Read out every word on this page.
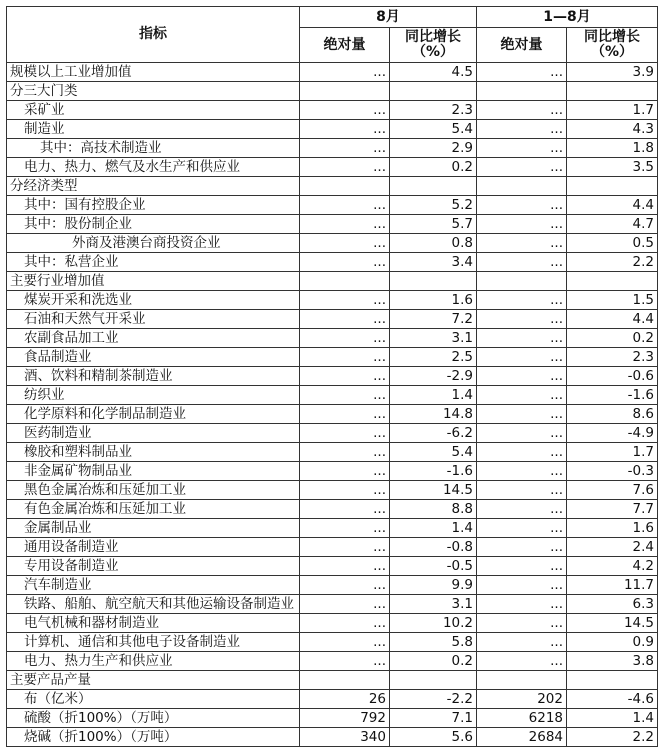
指标	8月		1—8月	
	绝对量	同比增长（%）	绝对量	同比增长（%）
规模以上工业增加值	...	4.5	...	3.9
分三大门类				
采矿业	...	2.3	...	1.7
制造业	...	5.4	...	4.3
其中：高技术制造业	...	2.9	...	1.8
电力、热力、燃气及水生产和供应业	...	0.2	...	3.5
分经济类型				
其中：国有控股企业	...	5.2	...	4.4
其中：股份制企业	...	5.7	...	4.7
外商及港澳台商投资企业	...	0.8	...	0.5
其中：私营企业	...	3.4	...	2.2
主要行业增加值				
煤炭开采和洗选业	...	1.6	...	1.5
石油和天然气开采业	...	7.2	...	4.4
农副食品加工业	...	3.1	...	0.2
食品制造业	...	2.5	...	2.3
酒、饮料和精制茶制造业	...	-2.9	...	-0.6
纺织业	...	1.4	...	-1.6
化学原料和化学制品制造业	...	14.8	...	8.6
医药制造业	...	-6.2	...	-4.9
橡胶和塑料制品业	...	5.4	...	1.7
非金属矿物制品业	...	-1.6	...	-0.3
黑色金属冶炼和压延加工业	...	14.5	...	7.6
有色金属冶炼和压延加工业	...	8.8	...	7.7
金属制品业	...	1.4	...	1.6
通用设备制造业	...	-0.8	...	2.4
专用设备制造业	...	-0.5	...	4.2
汽车制造业	...	9.9	...	11.7
铁路、船舶、航空航天和其他运输设备制造业	...	3.1	...	6.3
电气机械和器材制造业	...	10.2	...	14.5
计算机、通信和其他电子设备制造业	...	5.8	...	0.9
电力、热力生产和供应业	...	0.2	...	3.8
主要产品产量				
布（亿米）	26	-2.2	202	-4.6
硫酸（折100%）（万吨）	792	7.1	6218	1.4
烧碱（折100%）（万吨）	340	5.6	2684	2.2
